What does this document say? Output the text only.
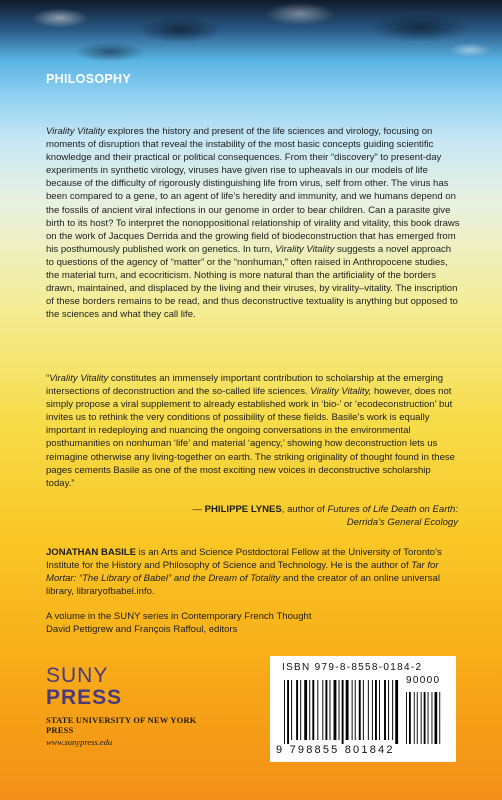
PHILOSOPHY

Virality Vitality explores the history and present of the life sciences and virology, focusing on moments of disruption that reveal the instability of the most basic concepts guiding scientific knowledge and their practical or political consequences. From their “discovery” to present-day experiments in synthetic virology, viruses have given rise to upheavals in our models of life because of the difficulty of rigorously distinguishing life from virus, self from other. The virus has been compared to a gene, to an agent of life’s heredity and immunity, and we humans depend on the fossils of ancient viral infections in our genome in order to bear children. Can a parasite give birth to its host? To interpret the nonoppositional relationship of virality and vitality, this book draws on the work of Jacques Derrida and the growing field of biodeconstruction that has emerged from his posthumously published work on genetics. In turn, Virality Vitality suggests a novel approach to questions of the agency of “matter” or the “nonhuman,” often raised in Anthropocene studies, the material turn, and ecocriticism. Nothing is more natural than the artificiality of the borders drawn, maintained, and displaced by the living and their viruses, by virality–vitality. The inscription of these borders remains to be read, and thus deconstructive textuality is anything but opposed to the sciences and what they call life.

“Virality Vitality constitutes an immensely important contribution to scholarship at the emerging intersections of deconstruction and the so-called life sciences. Virality Vitality, however, does not simply propose a viral supplement to already established work in ‘bio-’ or ‘ecodeconstruction’ but invites us to rethink the very conditions of possibility of these fields. Basile’s work is equally important in redeploying and nuancing the ongoing conversations in the environmental posthumanities on nonhuman ‘life’ and material ‘agency,’ showing how deconstruction lets us reimagine otherwise any living-together on earth. The striking originality of thought found in these pages cements Basile as one of the most exciting new voices in deconstructive scholarship today.”

— PHILIPPE LYNES, author of Futures of Life Death on Earth:
Derrida’s General Ecology

JONATHAN BASILE is an Arts and Science Postdoctoral Fellow at the University of Toronto’s Institute for the History and Philosophy of Science and Technology. He is the author of Tar for Mortar: “The Library of Babel” and the Dream of Totality and the creator of an online universal library, libraryofbabel.info.

A volume in the SUNY series in Contemporary French Thought
David Pettigrew and François Raffoul, editors
SUNY
PRESS
STATE UNIVERSITY OF NEW YORK PRESS
www.sunypress.edu
ISBN 979-8-8558-0184-2
90000
9 798855 801842
